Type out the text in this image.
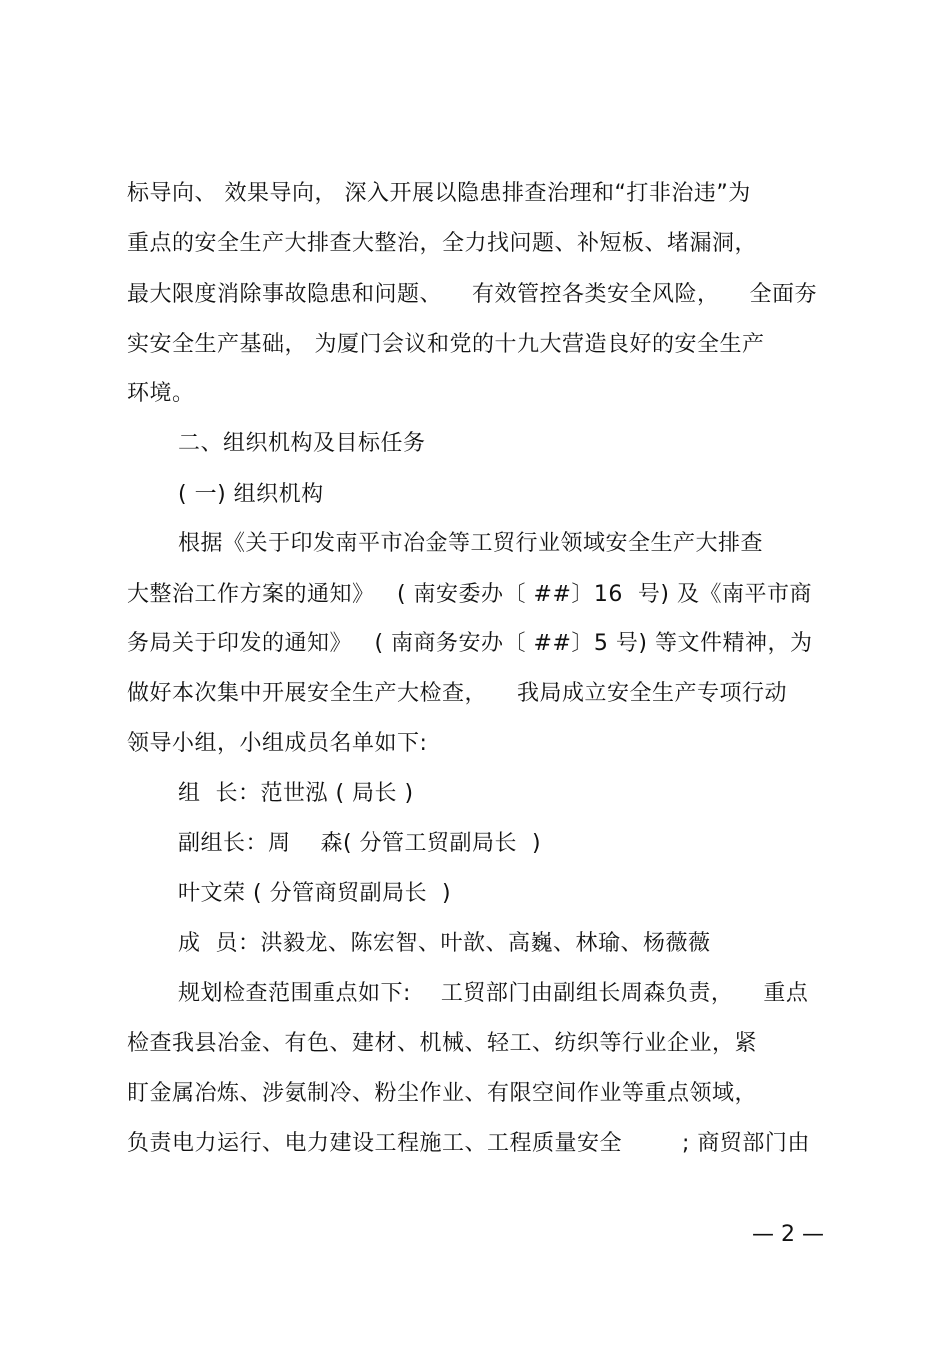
标导向、 效果导向， 深入开展以隐患排查治理和“打非治违”为
重点的安全生产大排查大整治，全力找问题、补短板、堵漏洞，
最大限度消除事故隐患和问题、    有效管控各类安全风险，    全面夯
实安全生产基础， 为厦门会议和党的十九大营造良好的安全生产
环境。
二、组织机构及目标任务
( 一) 组织机构
根据《关于印发南平市冶金等工贸行业领域安全生产大排查
大整治工作方案的通知》   ( 南安委办〔 ##〕16  号) 及《南平市商
务局关于印发的通知》   ( 南商务安办〔 ##〕5 号) 等文件精神，为
做好本次集中开展安全生产大检查，    我局成立安全生产专项行动
领导小组，小组成员名单如下:
组  长：范世泓 ( 局长 )
副组长：周    森( 分管工贸副局长  )
叶文荣 ( 分管商贸副局长  )
成  员：洪毅龙、陈宏智、叶歆、高巍、林瑜、杨薇薇
规划检查范围重点如下:    工贸部门由副组长周森负责，    重点
检查我县冶金、有色、建材、机械、轻工、纺织等行业企业，紧
盯金属冶炼、涉氨制冷、粉尘作业、有限空间作业等重点领域，
负责电力运行、电力建设工程施工、工程质量安全        ; 商贸部门由
— 2 —
